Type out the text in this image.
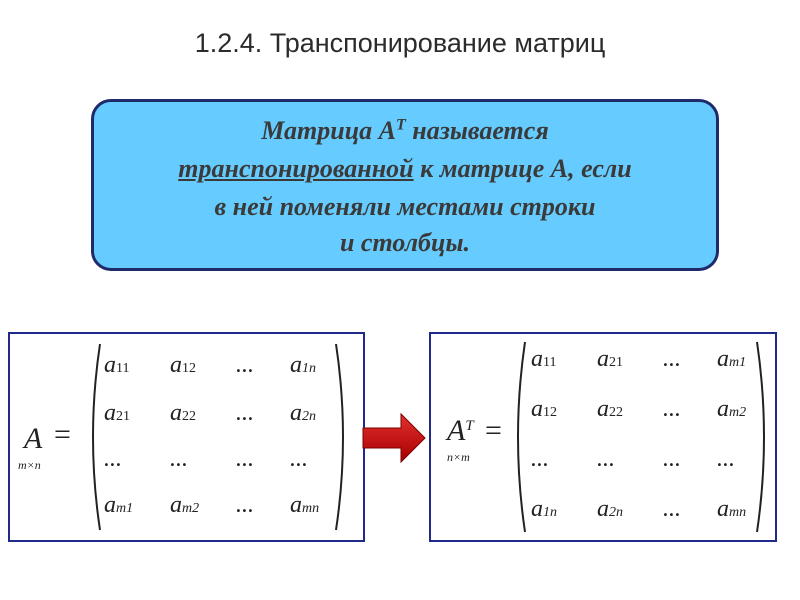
1.2.4. Транспонирование матриц
Матрица $A^T$ называется
транспонированной к матрице А, если
в ней поменяли местами строки
и столбцы.
A
m×n
=
a11 a12 ... a1n
a21 a22 ... a2n
... ... ... ...
am1 am2 ... amn
$A^T$
n×m
=
a11 a21 ... am1
a12 a22 ... am2
... ... ... ...
a1n a2n ... amn
